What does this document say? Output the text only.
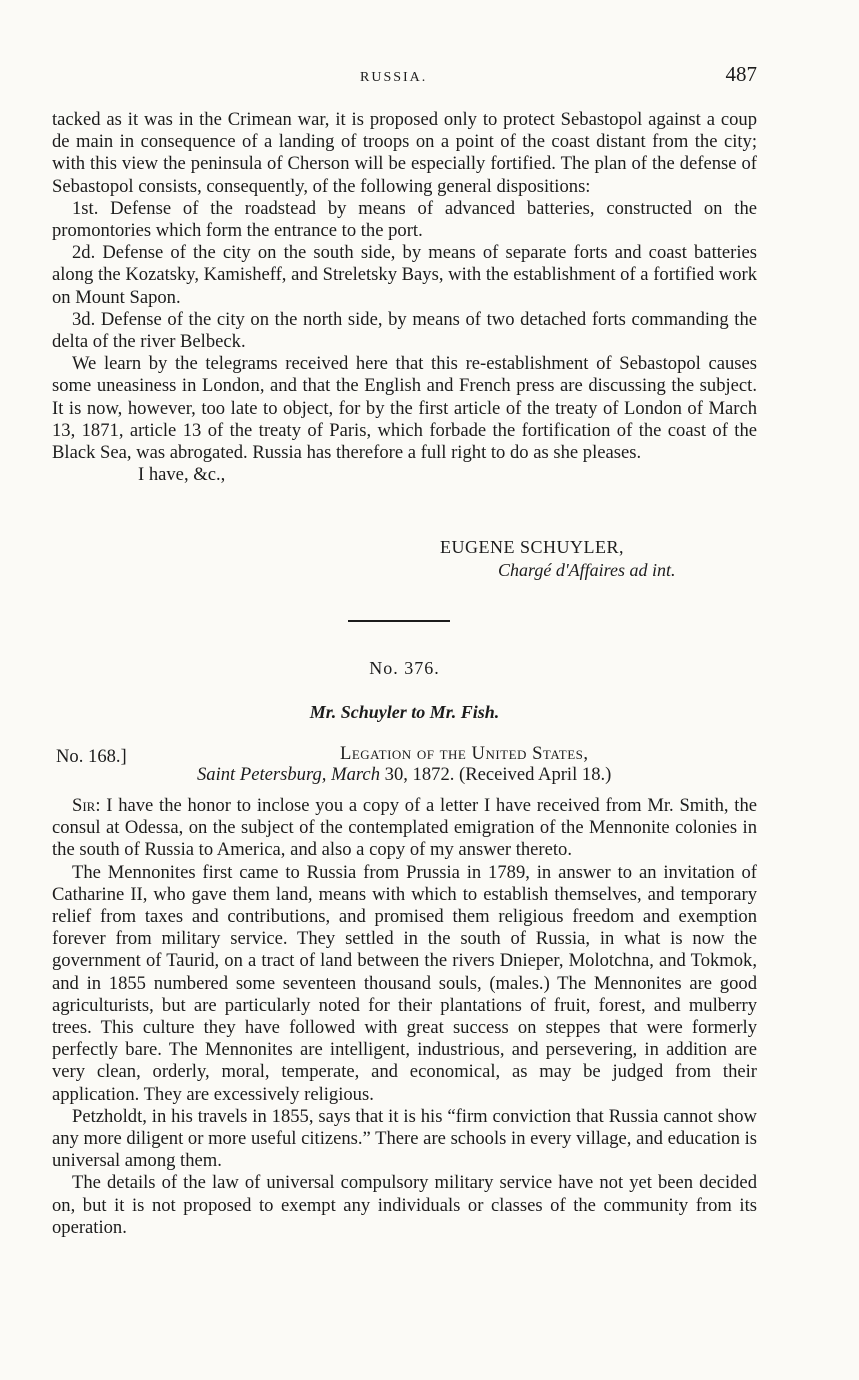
RUSSIA.	487

tacked as it was in the Crimean war, it is proposed only to protect Sebastopol against a coup de main in consequence of a landing of troops on a point of the coast distant from the city; with this view the peninsula of Cherson will be especially fortified. The plan of the defense of Sebastopol consists, consequently, of the following general dispositions:

1st. Defense of the roadstead by means of advanced batteries, constructed on the promontories which form the entrance to the port.

2d. Defense of the city on the south side, by means of separate forts and coast batteries along the Kozatsky, Kamisheff, and Streletsky Bays, with the establishment of a fortified work on Mount Sapon.

3d. Defense of the city on the north side, by means of two detached forts commanding the delta of the river Belbeck.

We learn by the telegrams received here that this re-establishment of Sebastopol causes some uneasiness in London, and that the English and French press are discussing the subject. It is now, however, too late to object, for by the first article of the treaty of London of March 13, 1871, article 13 of the treaty of Paris, which forbade the fortification of the coast of the Black Sea, was abrogated. Russia has therefore a full right to do as she pleases.

I have, &c.,

EUGENE SCHUYLER,
Chargé d'Affaires ad int.
No. 376.
Mr. Schuyler to Mr. Fish.
No. 168.]	Legation of the United States,
Saint Petersburg, March 30, 1872. (Received April 18.)

Sir: I have the honor to inclose you a copy of a letter I have received from Mr. Smith, the consul at Odessa, on the subject of the contemplated emigration of the Mennonite colonies in the south of Russia to America, and also a copy of my answer thereto.

The Mennonites first came to Russia from Prussia in 1789, in answer to an invitation of Catharine II, who gave them land, means with which to establish themselves, and temporary relief from taxes and contributions, and promised them religious freedom and exemption forever from military service. They settled in the south of Russia, in what is now the government of Taurid, on a tract of land between the rivers Dnieper, Molotchna, and Tokmok, and in 1855 numbered some seventeen thousand souls, (males.) The Mennonites are good agriculturists, but are particularly noted for their plantations of fruit, forest, and mulberry trees. This culture they have followed with great success on steppes that were formerly perfectly bare. The Mennonites are intelligent, industrious, and persevering, in addition are very clean, orderly, moral, temperate, and economical, as may be judged from their application. They are excessively religious.

Petzholdt, in his travels in 1855, says that it is his “firm conviction that Russia cannot show any more diligent or more useful citizens.” There are schools in every village, and education is universal among them.

The details of the law of universal compulsory military service have not yet been decided on, but it is not proposed to exempt any individuals or classes of the community from its operation.
